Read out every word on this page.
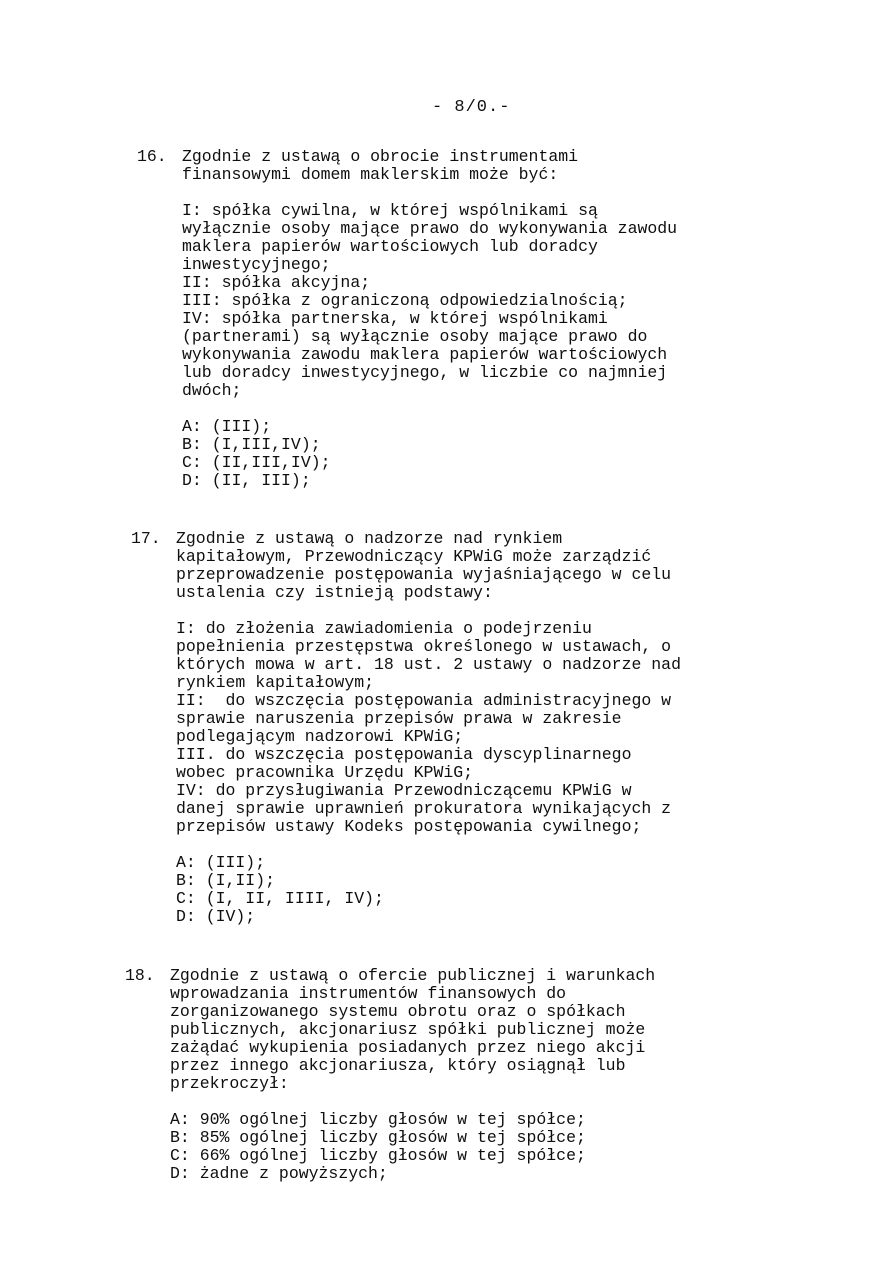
- 8/0.-
16. Zgodnie z ustawą o obrocie instrumentami
finansowymi domem maklerskim może być:
I: spółka cywilna, w której wspólnikami są
wyłącznie osoby mające prawo do wykonywania zawodu
maklera papierów wartościowych lub doradcy
inwestycyjnego;
II: spółka akcyjna;
III: spółka z ograniczoną odpowiedzialnością;
IV: spółka partnerska, w której wspólnikami
(partnerami) są wyłącznie osoby mające prawo do
wykonywania zawodu maklera papierów wartościowych
lub doradcy inwestycyjnego, w liczbie co najmniej
dwóch;
A: (III);
B: (I,III,IV);
C: (II,III,IV);
D: (II, III);
17. Zgodnie z ustawą o nadzorze nad rynkiem
kapitałowym, Przewodniczący KPWiG może zarządzić
przeprowadzenie postępowania wyjaśniającego w celu
ustalenia czy istnieją podstawy:
I: do złożenia zawiadomienia o podejrzeniu
popełnienia przestępstwa określonego w ustawach, o
których mowa w art. 18 ust. 2 ustawy o nadzorze nad
rynkiem kapitałowym;
II:  do wszczęcia postępowania administracyjnego w
sprawie naruszenia przepisów prawa w zakresie
podlegającym nadzorowi KPWiG;
III. do wszczęcia postępowania dyscyplinarnego
wobec pracownika Urzędu KPWiG;
IV: do przysługiwania Przewodniczącemu KPWiG w
danej sprawie uprawnień prokuratora wynikających z
przepisów ustawy Kodeks postępowania cywilnego;
A: (III);
B: (I,II);
C: (I, II, IIII, IV);
D: (IV);
18. Zgodnie z ustawą o ofercie publicznej i warunkach
wprowadzania instrumentów finansowych do
zorganizowanego systemu obrotu oraz o spółkach
publicznych, akcjonariusz spółki publicznej może
zażądać wykupienia posiadanych przez niego akcji
przez innego akcjonariusza, który osiągnął lub
przekroczył:
A: 90% ogólnej liczby głosów w tej spółce;
B: 85% ogólnej liczby głosów w tej spółce;
C: 66% ogólnej liczby głosów w tej spółce;
D: żadne z powyższych;
